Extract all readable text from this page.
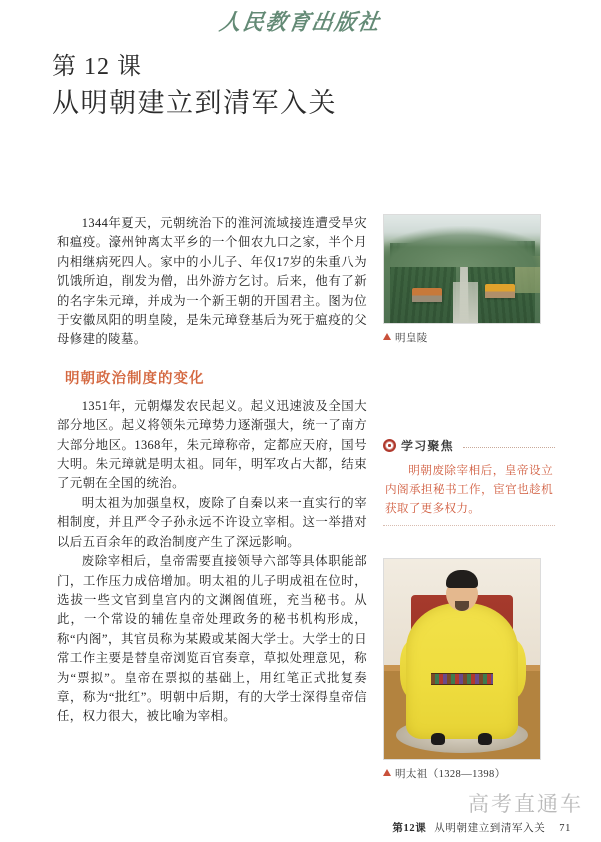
人民教育出版社
第 12 课
从明朝建立到清军入关

1344年夏天，元朝统治下的淮河流域接连遭受旱灾和瘟疫。濠州钟离太平乡的一个佃农九口之家，半个月内相继病死四人。家中的小儿子、年仅17岁的朱重八为饥饿所迫，削发为僧，出外游方乞讨。后来，他有了新的名字朱元璋，并成为一个新王朝的开国君主。图为位于安徽凤阳的明皇陵，是朱元璋登基后为死于瘟疫的父母修建的陵墓。

明朝政治制度的变化

1351年，元朝爆发农民起义。起义迅速波及全国大部分地区。起义将领朱元璋势力逐渐强大，统一了南方大部分地区。1368年，朱元璋称帝，定都应天府，国号大明。朱元璋就是明太祖。同年，明军攻占大都，结束了元朝在全国的统治。

明太祖为加强皇权，废除了自秦以来一直实行的宰相制度，并且严令子孙永远不许设立宰相。这一举措对以后五百余年的政治制度产生了深远影响。

废除宰相后，皇帝需要直接领导六部等具体职能部门，工作压力成倍增加。明太祖的儿子明成祖在位时，选拔一些文官到皇宫内的文渊阁值班，充当秘书。从此，一个常设的辅佐皇帝处理政务的秘书机构形成，称“内阁”，其官员称为某殿或某阁大学士。大学士的日常工作主要是替皇帝浏览百官奏章，草拟处理意见，称为“票拟”。皇帝在票拟的基础上，用红笔正式批复奏章，称为“批红”。明朝中后期，有的大学士深得皇帝信任，权力很大，被比喻为宰相。

明皇陵
学习聚焦
明朝废除宰相后，皇帝设立内阁承担秘书工作，宦官也趁机获取了更多权力。
明太祖（1328—1398）
高考直通车
第12课 从明朝建立到清军入关 71
